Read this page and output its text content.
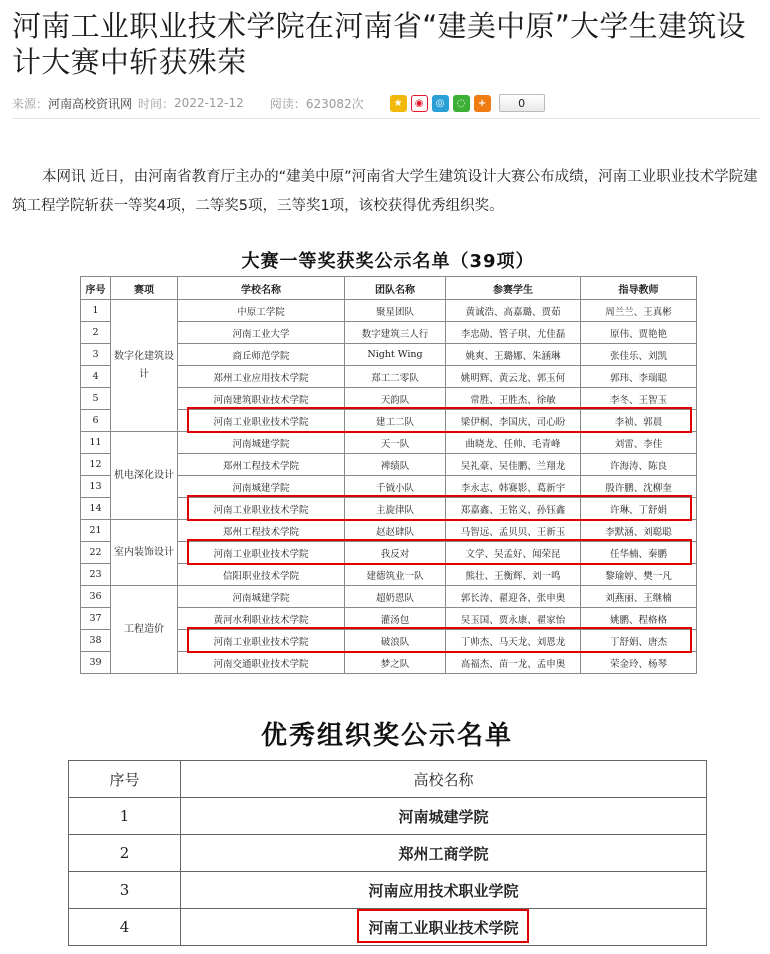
河南工业职业技术学院在河南省“建美中原”大学生建筑设计大赛中斩获殊荣
来源： 河南高校资讯网 时间： 2022-12-12 阅读： 623082次	★	◉	◎	◌	+	0

本网讯 近日，由河南省教育厅主办的“建美中原”河南省大学生建筑设计大赛公布成绩，河南工业职业技术学院建筑工程学院斩获一等奖4项，二等奖5项，三等奖1项，该校获得优秀组织奖。

大赛一等奖获奖公示名单（39项）
序号	赛项	学校名称	团队名称	参赛学生	指导教师
1	数字化建筑设计	中原工学院	聚星团队	黄诚浩、高嘉璐、贾茹	周兰兰、王真彬
2		河南工业大学	数字建筑三人行	李忠勋、管子琪、尤佳磊	原伟、贾艳艳
3		商丘师范学院	Night Wing	姚爽、王璐娜、朱涵琳	张佳乐、刘凯
4		郑州工业应用技术学院	郑工二零队	姚明辉、黄云龙、郭玉何	郭玮、李瑞聪
5		河南建筑职业技术学院	天韵队	常胜、王胜杰、徐敏	李冬、王智玉
6		河南工业职业技术学院	建工二队	梁伊桐、李国庆、司心盼	李祯、郭晨
11	机电深化设计	河南城建学院	天一队	曲晓龙、任帅、毛青峰	刘雷、李佳
12		郑州工程技术学院	裨绩队	吴礼豪、吴佳鹏、兰翔龙	许海涛、陈良
13		河南城建学院	千钺小队	李永志、韩赛影、葛新宇	殷许鹏、沈柳奎
14		河南工业职业技术学院	主旋律队	郑嘉鑫、王铭义、孙钰鑫	许琳、丁舒娟
21	室内装饰设计	郑州工程技术学院	赵赵肆队	马智远、孟贝贝、王新玉	李默涵、刘聪聪
22		河南工业职业技术学院	我反对	文学、吴孟好、闻荣昆	任华楠、秦鹏
23		信阳职业技术学院	建德筑业一队	熊壮、王衡辉、刘一鸣	黎瑜婷、樊一凡
36	工程造价	河南城建学院	超奶恩队	郭长涛、翟迎各、张申奥	刘燕丽、王继楠
37		黄河水利职业技术学院	灌汤包	吴玉国、贾永康、翟家怡	姚鹏、程格格
38		河南工业职业技术学院	破浪队	丁帅杰、马天龙、刘恩龙	丁舒娟、唐杰
39		河南交通职业技术学院	梦之队	高福杰、苗一龙、孟申奥	荣金玲、杨琴
优秀组织奖公示名单
序号	高校名称
1	河南城建学院
2	郑州工商学院
3	河南应用技术职业学院
4	河南工业职业技术学院
